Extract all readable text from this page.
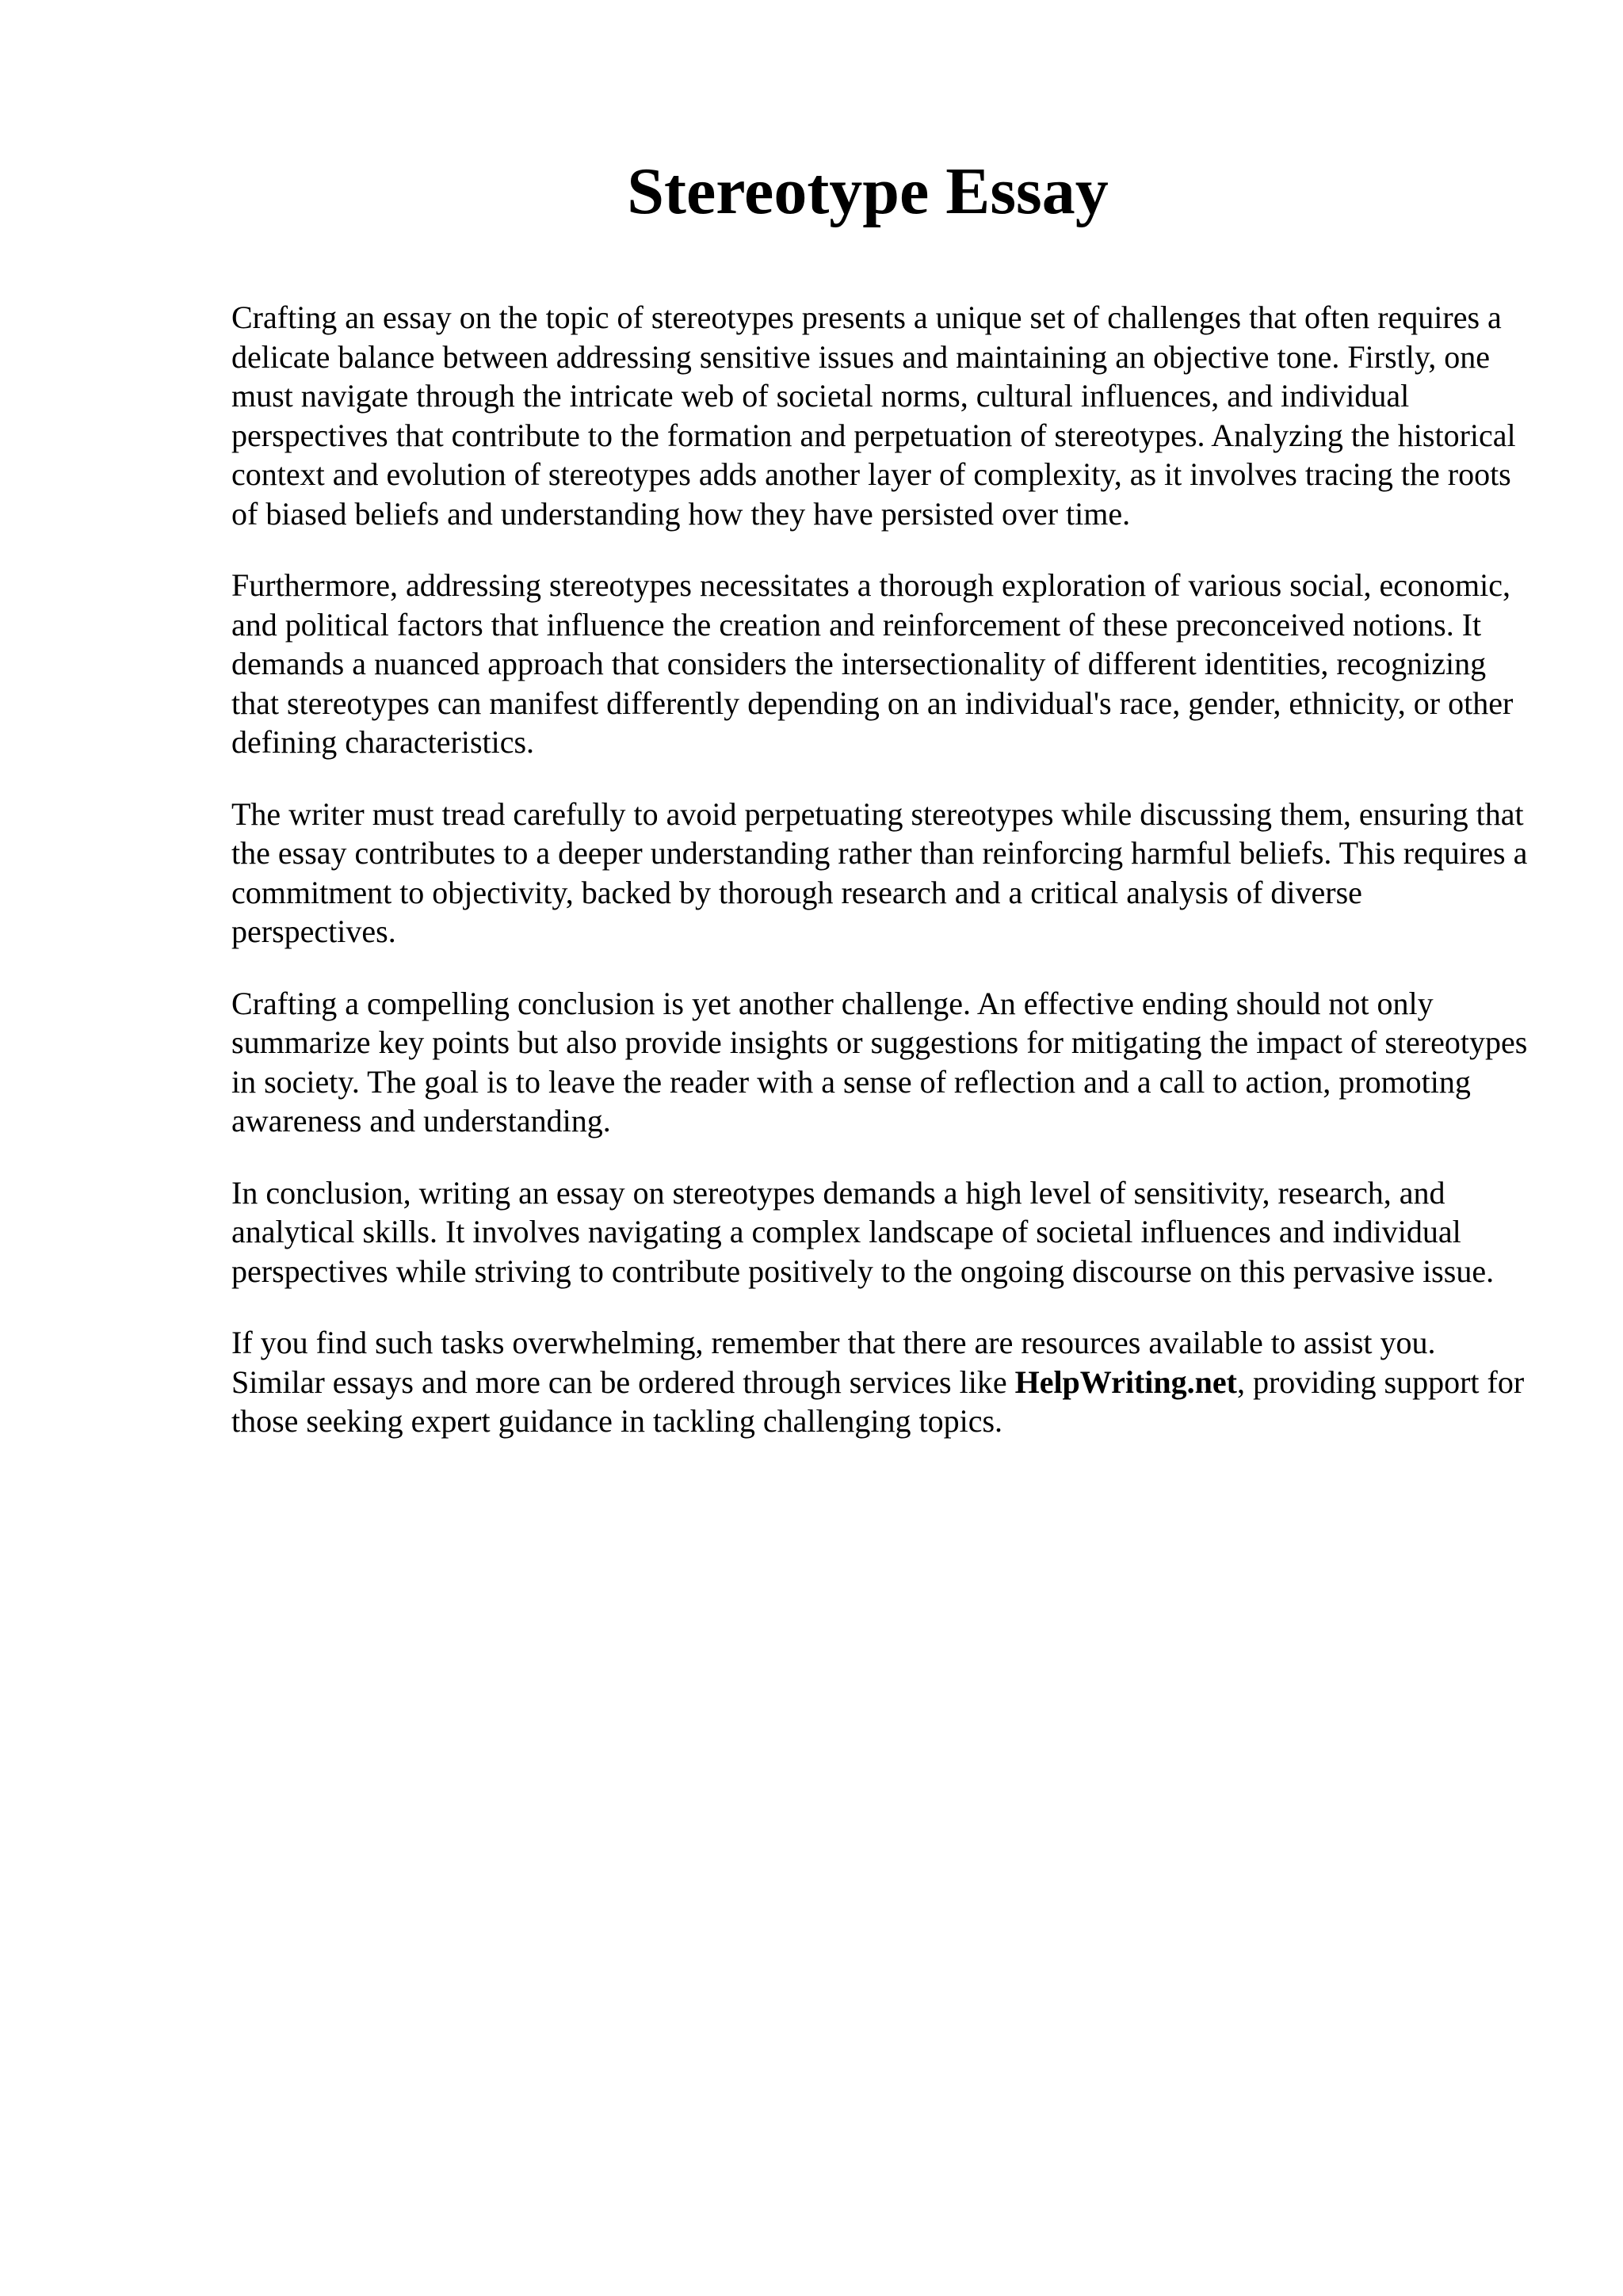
Stereotype Essay

Crafting an essay on the topic of stereotypes presents a unique set of challenges that often requires a delicate balance between addressing sensitive issues and maintaining an objective tone. Firstly, one must navigate through the intricate web of societal norms, cultural influences, and individual perspectives that contribute to the formation and perpetuation of stereotypes. Analyzing the historical context and evolution of stereotypes adds another layer of complexity, as it involves tracing the roots of biased beliefs and understanding how they have persisted over time.

Furthermore, addressing stereotypes necessitates a thorough exploration of various social, economic, and political factors that influence the creation and reinforcement of these preconceived notions. It demands a nuanced approach that considers the intersectionality of different identities, recognizing that stereotypes can manifest differently depending on an individual's race, gender, ethnicity, or other defining characteristics.

The writer must tread carefully to avoid perpetuating stereotypes while discussing them, ensuring that the essay contributes to a deeper understanding rather than reinforcing harmful beliefs. This requires a commitment to objectivity, backed by thorough research and a critical analysis of diverse perspectives.

Crafting a compelling conclusion is yet another challenge. An effective ending should not only summarize key points but also provide insights or suggestions for mitigating the impact of stereotypes in society. The goal is to leave the reader with a sense of reflection and a call to action, promoting awareness and understanding.

In conclusion, writing an essay on stereotypes demands a high level of sensitivity, research, and analytical skills. It involves navigating a complex landscape of societal influences and individual perspectives while striving to contribute positively to the ongoing discourse on this pervasive issue.

If you find such tasks overwhelming, remember that there are resources available to assist you. Similar essays and more can be ordered through services like HelpWriting.net, providing support for those seeking expert guidance in tackling challenging topics.
